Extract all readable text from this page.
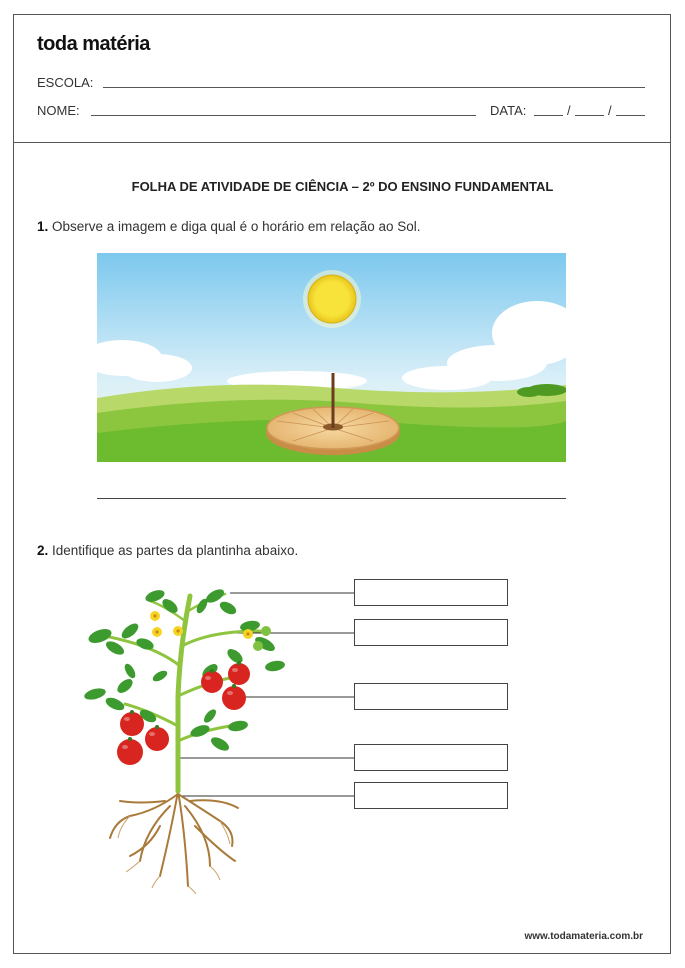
toda matéria
ESCOLA:
NOME:	DATA:	/	/
FOLHA DE ATIVIDADE DE CIÊNCIA – 2º DO ENSINO FUNDAMENTAL
1. Observe a imagem e diga qual é o horário em relação ao Sol.
2. Identifique as partes da plantinha abaixo.
www.todamateria.com.br
